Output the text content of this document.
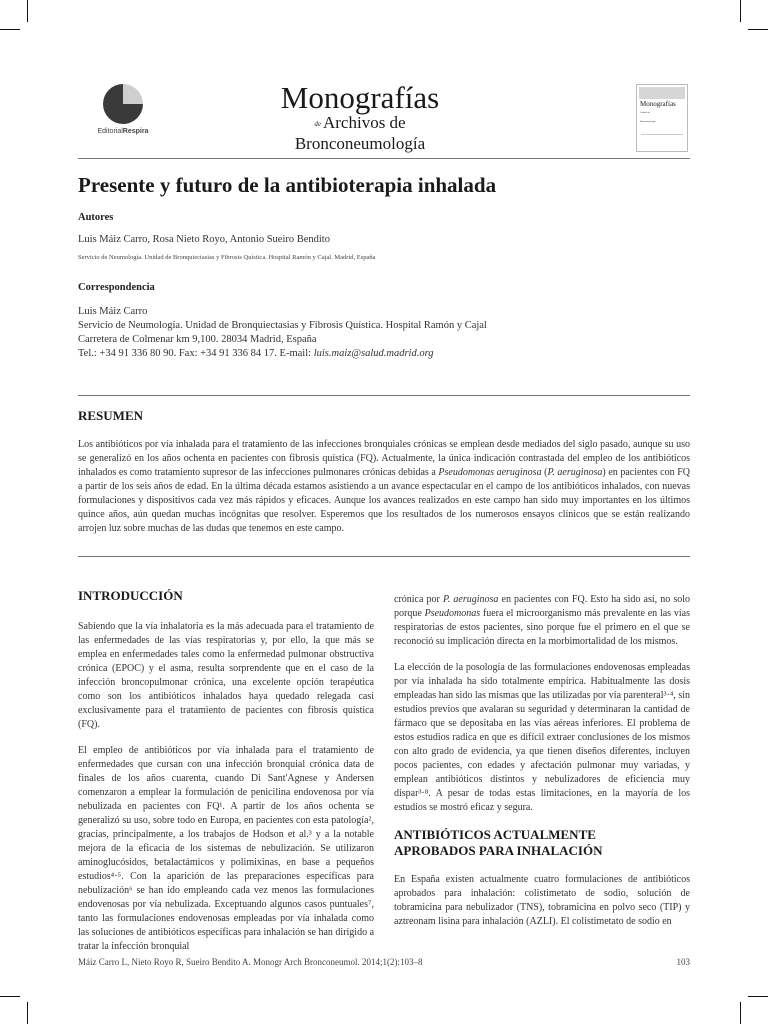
EditorialRespira
Monografías
de Archivos de
Bronconeumología
Monografías
Archivos de
Bronconeumología
Presente y futuro de la antibioterapia inhalada
Autores
Luis Máiz Carro, Rosa Nieto Royo, Antonio Sueiro Bendito
Servicio de Neumología. Unidad de Bronquiectasias y Fibrosis Quística. Hospital Ramón y Cajal. Madrid, España
Correspondencia
Luis Máiz Carro
Servicio de Neumología. Unidad de Bronquiectasias y Fibrosis Quística. Hospital Ramón y Cajal
Carretera de Colmenar km 9,100. 28034 Madrid, España
Tel.: +34 91 336 80 90. Fax: +34 91 336 84 17. E-mail: luis.maiz@salud.madrid.org
RESUMEN

Los antibióticos por vía inhalada para el tratamiento de las infecciones bronquiales crónicas se emplean desde mediados del siglo pasado, aunque su uso se generalizó en los años ochenta en pacientes con fibrosis quística (FQ). Actualmente, la única indicación contrastada del empleo de los antibióticos inhalados es como tratamiento supresor de las infecciones pulmonares crónicas debidas a Pseudomonas aeruginosa (P. aeruginosa) en pacientes con FQ a partir de los seis años de edad. En la última década estamos asistiendo a un avance espectacular en el campo de los antibióticos inhalados, con nuevas formulaciones y dispositivos cada vez más rápidos y eficaces. Aunque los avances realizados en este campo han sido muy importantes en los últimos quince años, aún quedan muchas incógnitas que resolver. Esperemos que los resultados de los numerosos ensayos clínicos que se están realizando arrojen luz sobre muchas de las dudas que tenemos en este campo.

INTRODUCCIÓN

Sabiendo que la vía inhalatoria es la más adecuada para el tratamiento de las enfermedades de las vías respiratorias y, por ello, la que más se emplea en enfermedades tales como la enfermedad pulmonar obstructiva crónica (EPOC) y el asma, resulta sorprendente que en el caso de la infección broncopulmonar crónica, una excelente opción terapéutica como son los antibióticos inhalados haya quedado relegada casi exclusivamente para el tratamiento de pacientes con fibrosis quística (FQ).

El empleo de antibióticos por vía inhalada para el tratamiento de enfermedades que cursan con una infección bronquial crónica data de finales de los años cuarenta, cuando Di Sant'Agnese y Andersen comenzaron a emplear la formulación de penicilina endovenosa por vía nebulizada en pacientes con FQ¹. A partir de los años ochenta se generalizó su uso, sobre todo en Europa, en pacientes con esta patología², gracias, principalmente, a los trabajos de Hodson et al.³ y a la notable mejora de la eficacia de los sistemas de nebulización. Se utilizaron aminoglucósidos, betalactámicos y polimixinas, en base a pequeños estudios⁴·⁵. Con la aparición de las preparaciones específicas para nebulización⁶ se han ido empleando cada vez menos las formulaciones endovenosas por vía nebulizada. Exceptuando algunos casos puntuales⁷, tanto las formulaciones endovenosas empleadas por vía inhalada como las soluciones de antibióticos específicas para inhalación se han dirigido a tratar la infección bronquial

crónica por P. aeruginosa en pacientes con FQ. Esto ha sido así, no solo porque Pseudomonas fuera el microorganismo más prevalente en las vías respiratorias de estos pacientes, sino porque fue el primero en el que se reconoció su implicación directa en la morbimortalidad de los mismos.

La elección de la posología de las formulaciones endovenosas empleadas por vía inhalada ha sido totalmente empírica. Habitualmente las dosis empleadas han sido las mismas que las utilizadas por vía parenteral³·⁴, sin estudios previos que avalaran su seguridad y determinaran la cantidad de fármaco que se depositaba en las vías aéreas inferiores. El problema de estos estudios radica en que es difícil extraer conclusiones de los mismos con alto grado de evidencia, ya que tienen diseños diferentes, incluyen pocos pacientes, con edades y afectación pulmonar muy variadas, y emplean antibióticos distintos y nebulizadores de eficiencia muy dispar³·⁸. A pesar de todas estas limitaciones, en la mayoría de los estudios se mostró eficaz y segura.

ANTIBIÓTICOS ACTUALMENTE
APROBADOS PARA INHALACIÓN

En España existen actualmente cuatro formulaciones de antibióticos aprobados para inhalación: colistimetato de sodio, solución de tobramicina para nebulizador (TNS), tobramicina en polvo seco (TIP) y aztreonam lisina para inhalación (AZLI). El colistimetato de sodio en

Máiz Carro L, Nieto Royo R, Sueiro Bendito A. Monogr Arch Bronconeumol. 2014;1(2):103–8	103
